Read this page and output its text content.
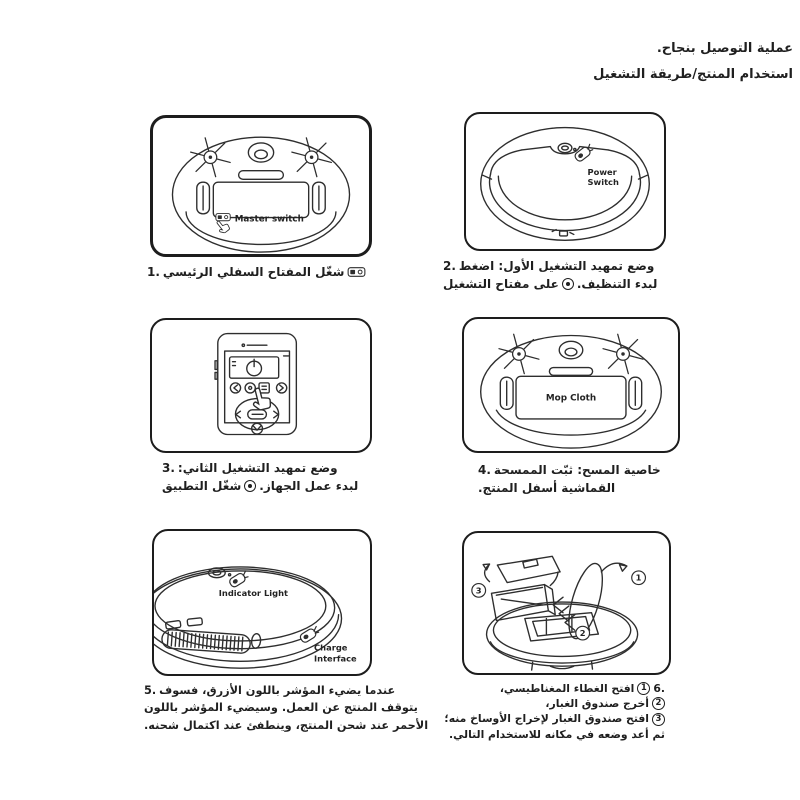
عملية التوصيل بنجاح.
استخدام المنتج/طريقة التشغيل
Master switch
Power
Switch
Mop Cloth
Indicator Light
Charge
Interface
1
2
3
1. شغّل المفتاح السفلي الرئيسي	2. وضع تمهيد التشغيل الأول: اضغط
على مفتاح التشغيل لبدء التنظيف.
3. وضع تمهيد التشغيل الثاني:
شغّل التطبيق لبدء عمل الجهاز.
4. خاصية المسح: ثبّت الممسحة
القماشية أسفل المنتج.
5. عندما يضيء المؤشر باللون الأزرق، فسوف
يتوقف المنتج عن العمل. وسيضيء المؤشر باللون
الأحمر عند شحن المنتج، وينطفئ عند اكتمال شحنه.
6.
1
افتح الغطاء المغناطيسي،
2
أخرج صندوق الغبار،
3
افتح صندوق الغبار لإخراج الأوساخ منه؛
ثم أعد وضعه في مكانه للاستخدام التالي.
